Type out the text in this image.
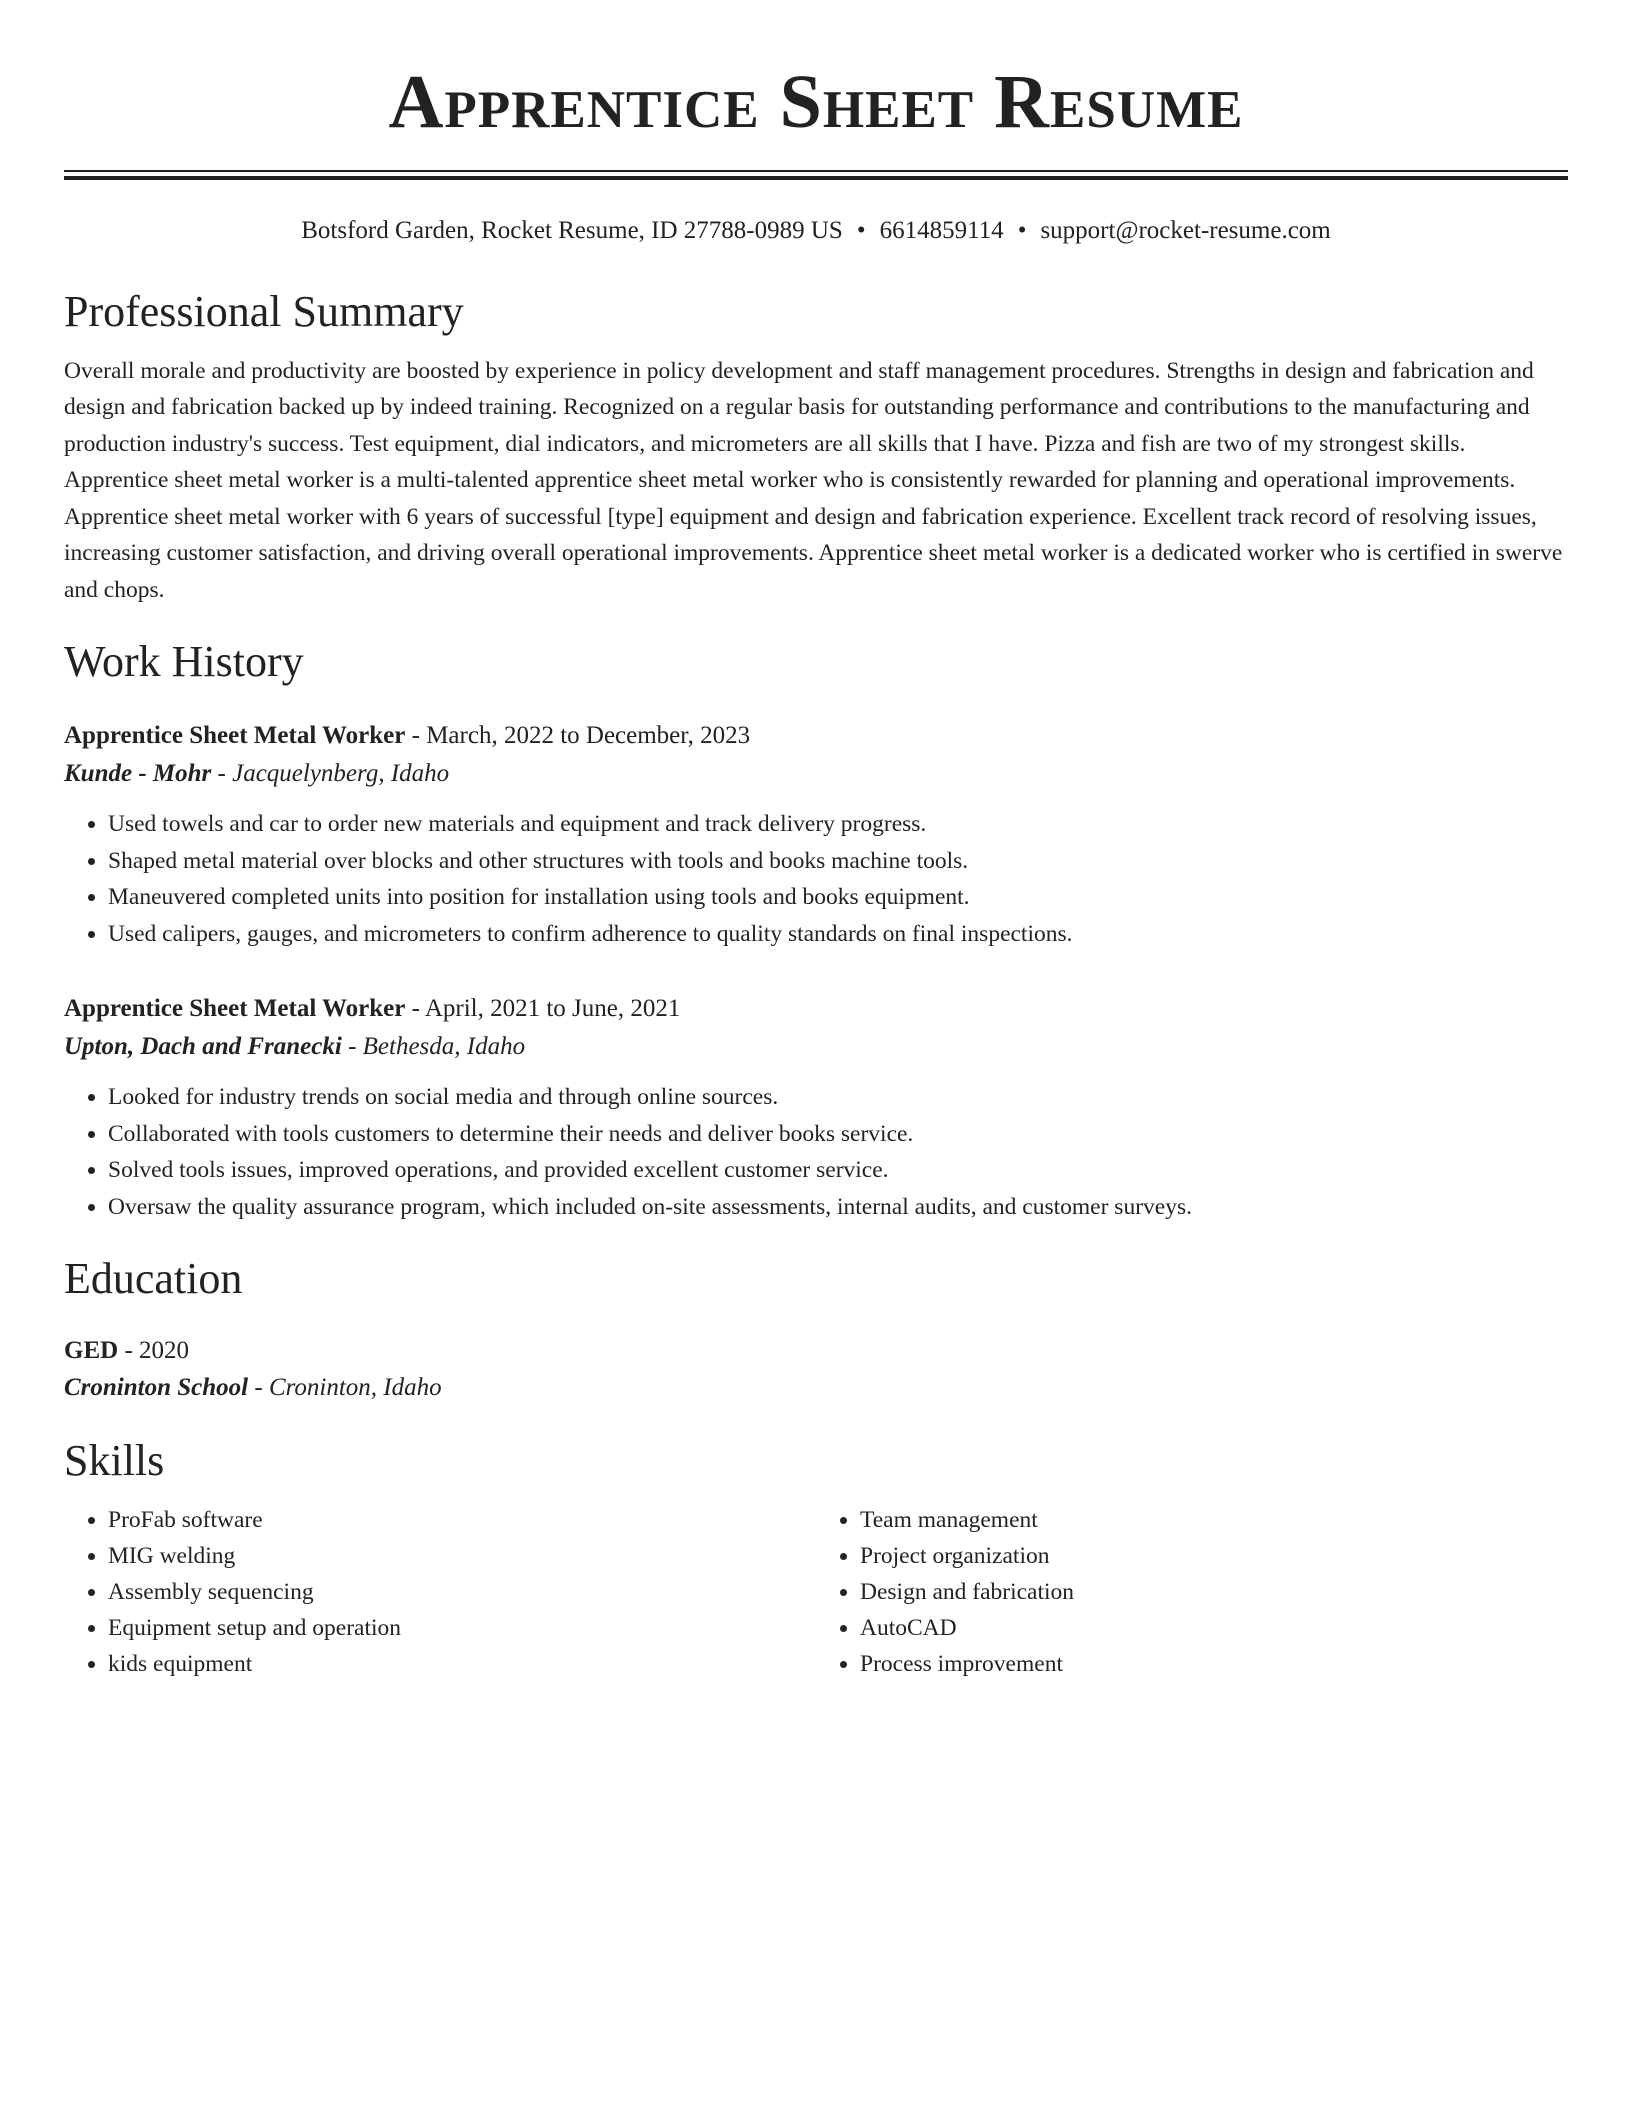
Apprentice Sheet Resume
Botsford Garden, Rocket Resume, ID 27788-0989 US • 6614859114 • support@rocket-resume.com
Professional Summary

Overall morale and productivity are boosted by experience in policy development and staff management procedures. Strengths in design and fabrication and design and fabrication backed up by indeed training. Recognized on a regular basis for outstanding performance and contributions to the manufacturing and production industry's success. Test equipment, dial indicators, and micrometers are all skills that I have. Pizza and fish are two of my strongest skills. Apprentice sheet metal worker is a multi-talented apprentice sheet metal worker who is consistently rewarded for planning and operational improvements. Apprentice sheet metal worker with 6 years of successful [type] equipment and design and fabrication experience. Excellent track record of resolving issues, increasing customer satisfaction, and driving overall operational improvements. Apprentice sheet metal worker is a dedicated worker who is certified in swerve and chops.

Work History
Apprentice Sheet Metal Worker - March, 2022 to December, 2023
Kunde - Mohr - Jacquelynberg, Idaho
• Used towels and car to order new materials and equipment and track delivery progress.
• Shaped metal material over blocks and other structures with tools and books machine tools.
• Maneuvered completed units into position for installation using tools and books equipment.
• Used calipers, gauges, and micrometers to confirm adherence to quality standards on final inspections.
Apprentice Sheet Metal Worker - April, 2021 to June, 2021
Upton, Dach and Franecki - Bethesda, Idaho
• Looked for industry trends on social media and through online sources.
• Collaborated with tools customers to determine their needs and deliver books service.
• Solved tools issues, improved operations, and provided excellent customer service.
• Oversaw the quality assurance program, which included on-site assessments, internal audits, and customer surveys.
Education
GED - 2020
Croninton School - Croninton, Idaho
Skills
• ProFab software
• MIG welding
• Assembly sequencing
• Equipment setup and operation
• kids equipment
• Team management
• Project organization
• Design and fabrication
• AutoCAD
• Process improvement
